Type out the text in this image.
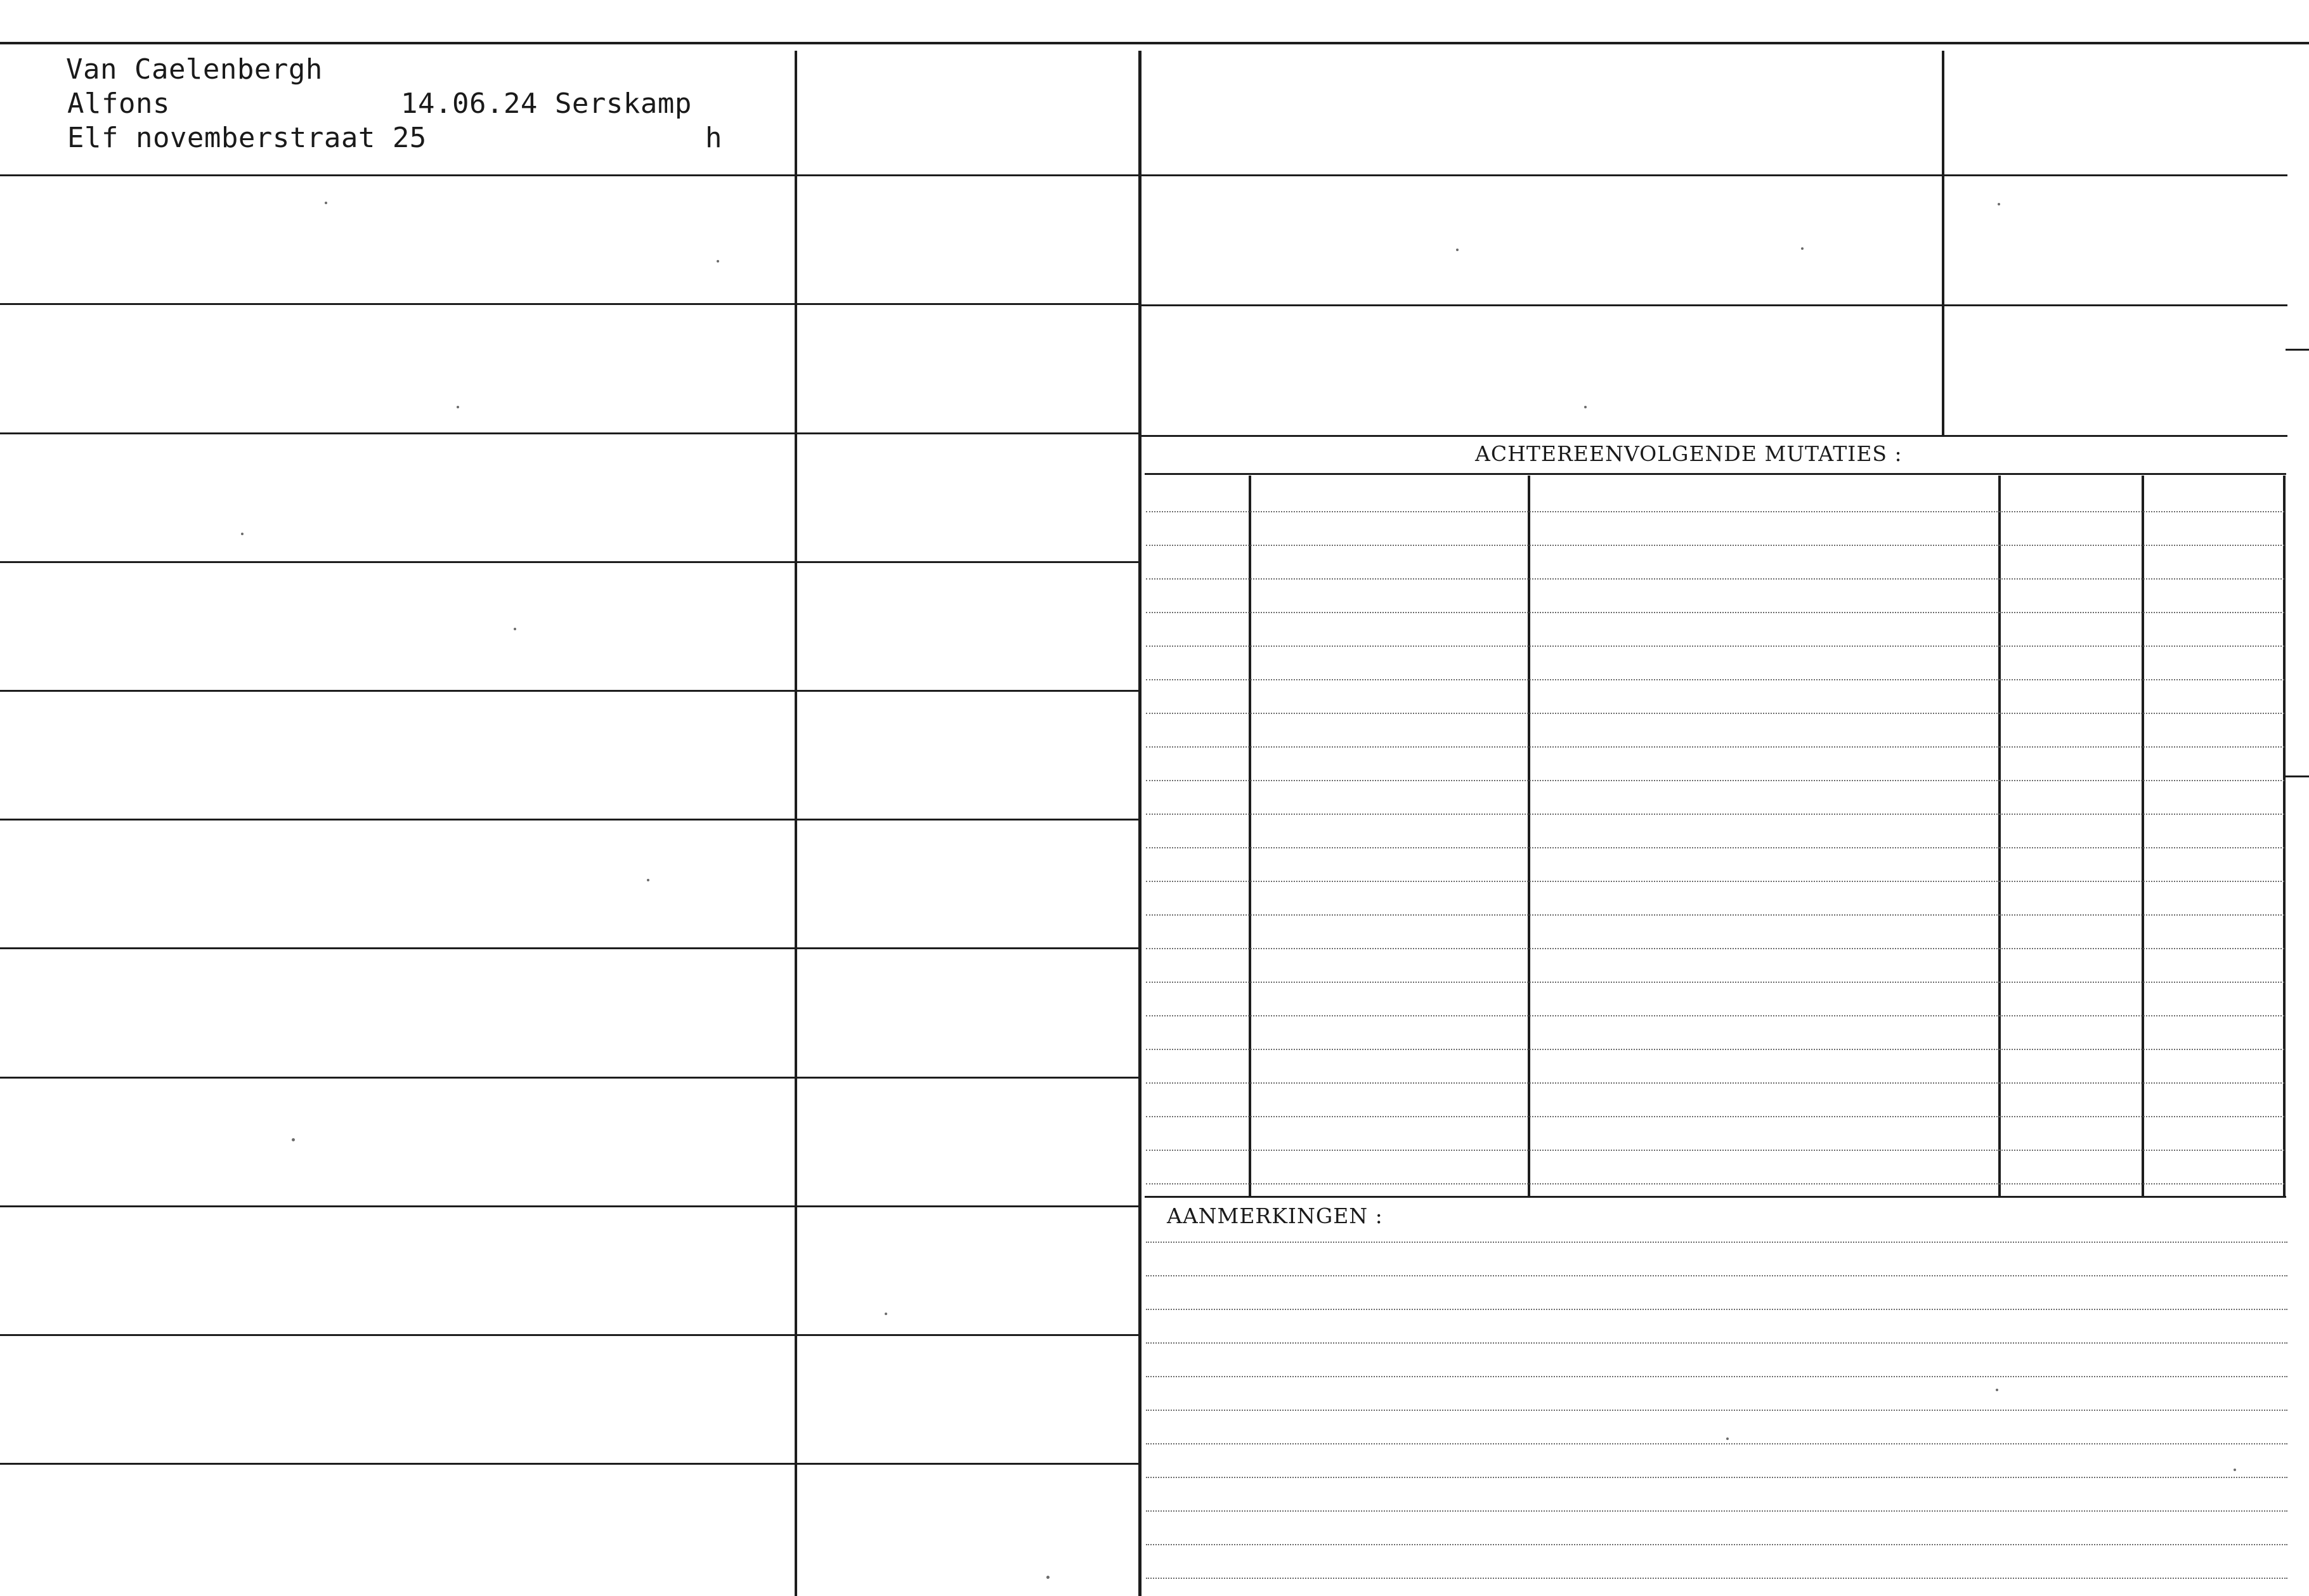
Van Caelenbergh
Alfons	14.06.24 Serskamp
Elf novemberstraat 25	h
ACHTEREENVOLGENDE MUTATIES :
AANMERKINGEN :
